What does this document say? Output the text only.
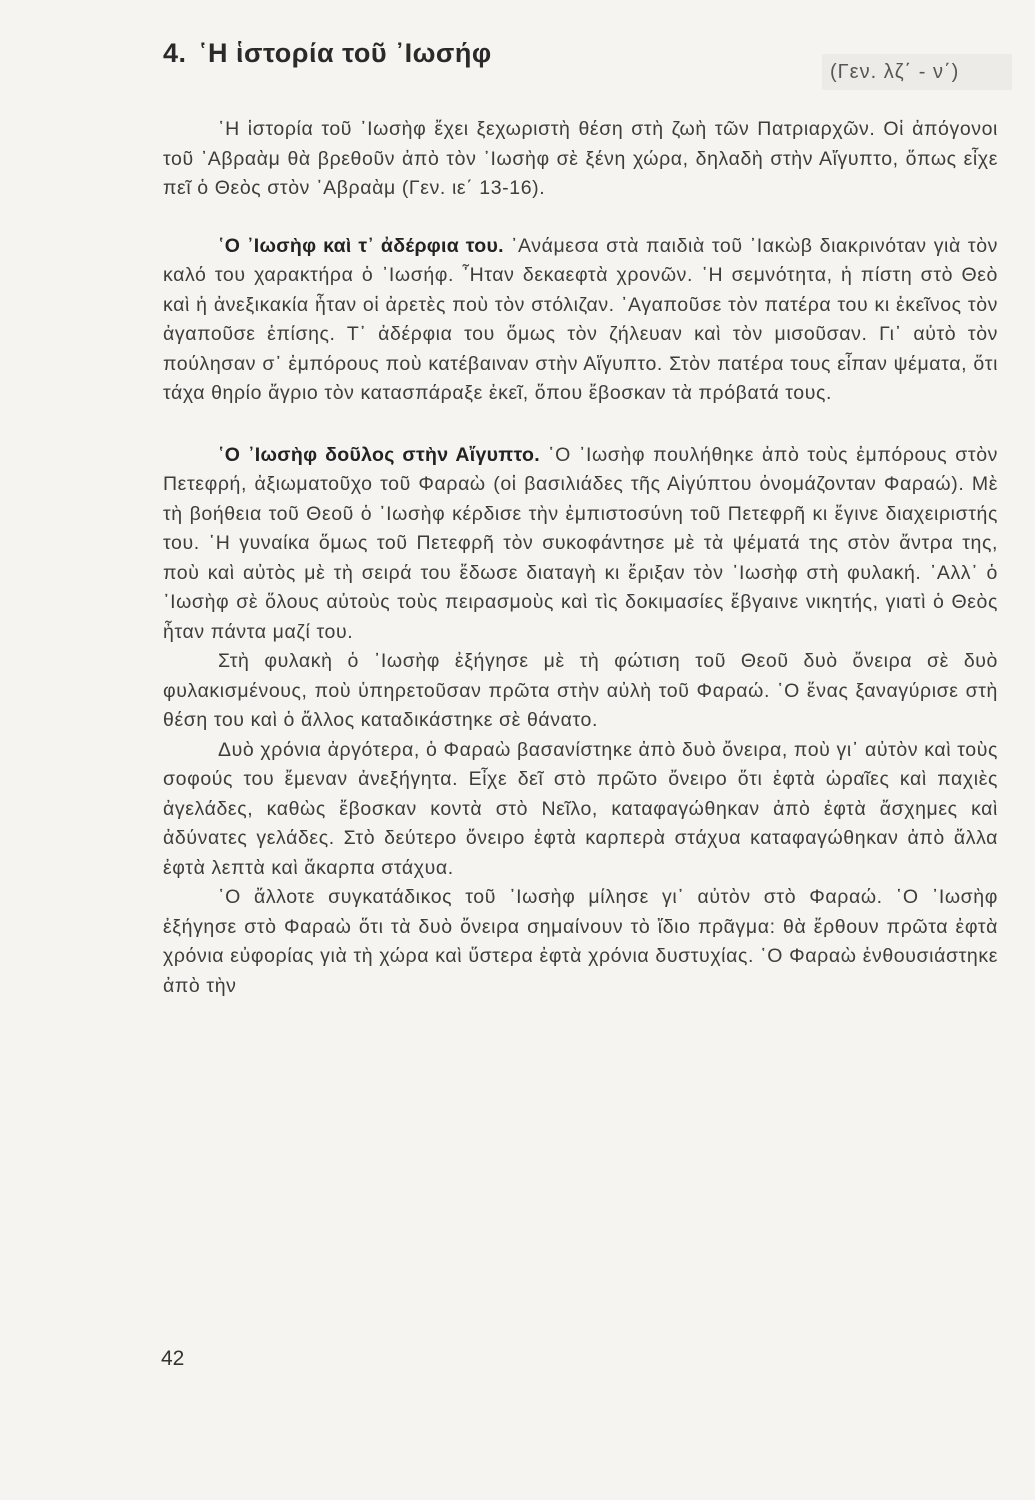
4. ῾Η ἱστορία τοῦ ᾿Ιωσήφ
(Γεν. λζ΄ - ν΄)

῾Η ἱστορία τοῦ ᾿Ιωσὴφ ἔχει ξεχωριστὴ θέση στὴ ζωὴ τῶν Πατριαρχῶν. Οἱ ἀπόγονοι τοῦ ᾿Αβραὰμ θὰ βρεθοῦν ἀπὸ τὸν ᾿Ιωσὴφ σὲ ξένη χώρα, δηλαδὴ στὴν Αἴγυπτο, ὅπως εἶχε πεῖ ὁ Θεὸς στὸν ᾿Αβραὰμ (Γεν. ιε΄ 13-16).

῾Ο ᾿Ιωσὴφ καὶ τ᾿ ἀδέρφια του. ᾿Ανάμεσα στὰ παιδιὰ τοῦ ᾿Ιακὼβ διακρινόταν γιὰ τὸν καλό του χαρακτήρα ὁ ᾿Ιωσήφ. ῏Ηταν δεκαεφτὰ χρονῶν. ῾Η σεμνότητα, ἡ πίστη στὸ Θεὸ καὶ ἡ ἀνεξικακία ἦταν οἱ ἀρετὲς ποὺ τὸν στόλιζαν. ᾿Αγαποῦσε τὸν πατέρα του κι ἐκεῖνος τὸν ἀγαποῦσε ἐπίσης. Τ᾿ ἀδέρφια του ὅμως τὸν ζήλευαν καὶ τὸν μισοῦσαν. Γι᾿ αὐτὸ τὸν πούλησαν σ᾿ ἐμπόρους ποὺ κατέβαιναν στὴν Αἴγυπτο. Στὸν πατέρα τους εἶπαν ψέματα, ὅτι τάχα θηρίο ἄγριο τὸν κατασπάραξε ἐκεῖ, ὅπου ἔβοσκαν τὰ πρόβατά τους.

῾Ο ᾿Ιωσὴφ δοῦλος στὴν Αἴγυπτο. ῾Ο ᾿Ιωσὴφ πουλήθηκε ἀπὸ τοὺς ἐμπόρους στὸν Πετεφρή, ἀξιωματοῦχο τοῦ Φαραὼ (οἱ βασιλιάδες τῆς Αἰγύπτου ὀνομάζονταν Φαραώ). Μὲ τὴ βοήθεια τοῦ Θεοῦ ὁ ᾿Ιωσὴφ κέρδισε τὴν ἐμπιστοσύνη τοῦ Πετεφρῆ κι ἔγινε διαχειριστής του. ῾Η γυναίκα ὅμως τοῦ Πετεφρῆ τὸν συκοφάντησε μὲ τὰ ψέματά της στὸν ἄντρα της, ποὺ καὶ αὐτὸς μὲ τὴ σειρά του ἔδωσε διαταγὴ κι ἔριξαν τὸν ᾿Ιωσὴφ στὴ φυλακή. ᾿Αλλ᾿ ὁ ᾿Ιωσὴφ σὲ ὅλους αὐτοὺς τοὺς πειρασμοὺς καὶ τὶς δοκιμασίες ἔβγαινε νικητής, γιατὶ ὁ Θεὸς ἦταν πάντα μαζί του.

Στὴ φυλακὴ ὁ ᾿Ιωσὴφ ἐξήγησε μὲ τὴ φώτιση τοῦ Θεοῦ δυὸ ὄνειρα σὲ δυὸ φυλακισμένους, ποὺ ὑπηρετοῦσαν πρῶτα στὴν αὐλὴ τοῦ Φαραώ. ῾Ο ἕνας ξαναγύρισε στὴ θέση του καὶ ὁ ἄλλος καταδικάστηκε σὲ θάνατο.

Δυὸ χρόνια ἀργότερα, ὁ Φαραὼ βασανίστηκε ἀπὸ δυὸ ὄνειρα, ποὺ γι᾿ αὐτὸν καὶ τοὺς σοφούς του ἔμεναν ἀνεξήγητα. Εἶχε δεῖ στὸ πρῶτο ὄνειρο ὅτι ἐφτὰ ὡραῖες καὶ παχιὲς ἀγελάδες, καθὼς ἔβοσκαν κοντὰ στὸ Νεῖλο, καταφαγώθηκαν ἀπὸ ἐφτὰ ἄσχημες καὶ ἀδύνατες γελάδες. Στὸ δεύτερο ὄνειρο ἐφτὰ καρπερὰ στάχυα καταφαγώθηκαν ἀπὸ ἄλλα ἐφτὰ λεπτὰ καὶ ἄκαρπα στάχυα.

῾Ο ἄλλοτε συγκατάδικος τοῦ ᾿Ιωσὴφ μίλησε γι᾿ αὐτὸν στὸ Φαραώ. ῾Ο ᾿Ιωσὴφ ἐξήγησε στὸ Φαραὼ ὅτι τὰ δυὸ ὄνειρα σημαίνουν τὸ ἴδιο πρᾶγμα: θὰ ἔρθουν πρῶτα ἐφτὰ χρόνια εὐφορίας γιὰ τὴ χώρα καὶ ὕστερα ἐφτὰ χρόνια δυστυχίας. ῾Ο Φαραὼ ἐνθουσιάστηκε ἀπὸ τὴν

42
